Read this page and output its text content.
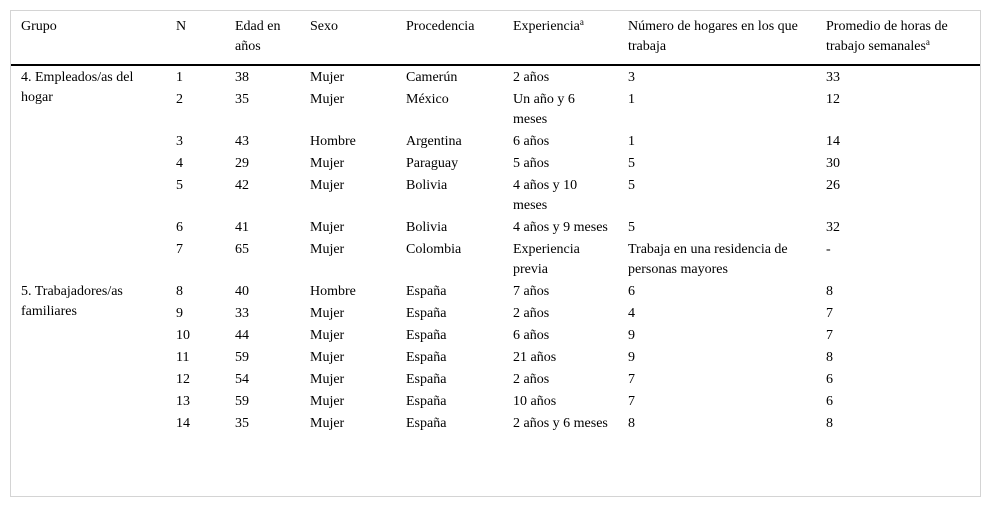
Grupo	N	Edad en años	Sexo	Procedencia	Experiencia$^a$	Número de hogares en los que trabaja	Promedio de horas de trabajo semanales$^a$
4. Empleados/as del hogar	1	38	Mujer	Camerún	2 años	3	33
	2	35	Mujer	México	Un año y 6 meses	1	12
	3	43	Hombre	Argentina	6 años	1	14
	4	29	Mujer	Paraguay	5 años	5	30
	5	42	Mujer	Bolivia	4 años y 10 meses	5	26
	6	41	Mujer	Bolivia	4 años y 9 meses	5	32
	7	65	Mujer	Colombia	Experiencia previa	Trabaja en una residencia de personas mayores	-
5. Trabajadores/as familiares	8	40	Hombre	España	7 años	6	8
	9	33	Mujer	España	2 años	4	7
	10	44	Mujer	España	6 años	9	7
	11	59	Mujer	España	21 años	9	8
	12	54	Mujer	España	2 años	7	6
	13	59	Mujer	España	10 años	7	6
	14	35	Mujer	España	2 años y 6 meses	8	8
